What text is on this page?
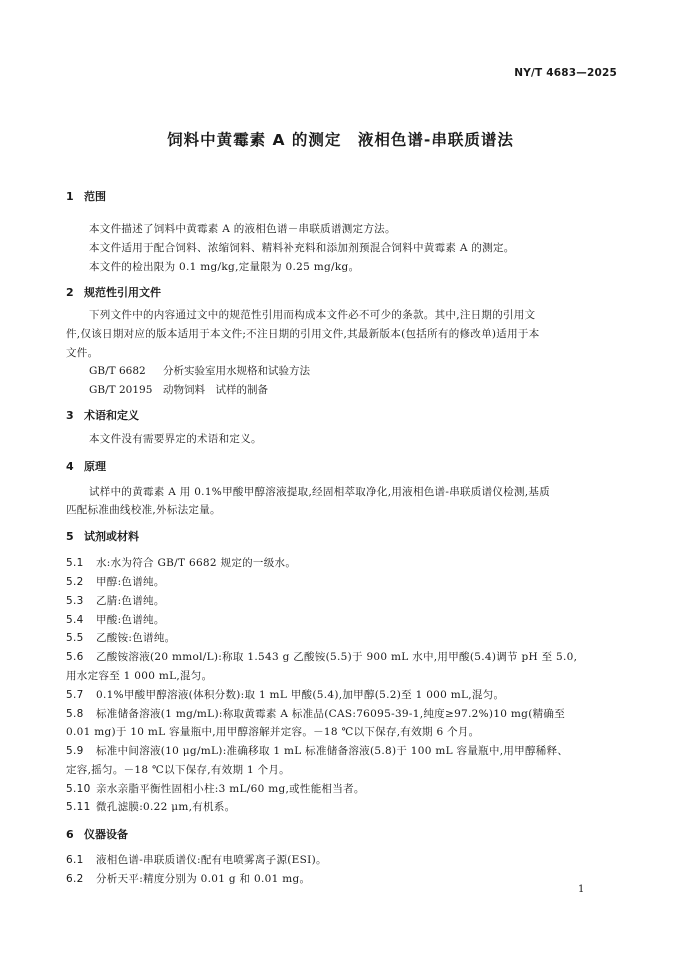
NY/T 4683—2025
饲料中黄霉素 A 的测定　液相色谱-串联质谱法
1 范围
本文件描述了饲料中黄霉素 A 的液相色谱－串联质谱测定方法。
本文件适用于配合饲料、浓缩饲料、精料补充料和添加剂预混合饲料中黄霉素 A 的测定。
本文件的检出限为 0.1 mg/kg,定量限为 0.25 mg/kg。
2 规范性引用文件
下列文件中的内容通过文中的规范性引用而构成本文件必不可少的条款。其中,注日期的引用文
件,仅该日期对应的版本适用于本文件;不注日期的引用文件,其最新版本(包括所有的修改单)适用于本
文件。
GB/T 6682 分析实验室用水规格和试验方法
GB/T 20195 动物饲料　试样的制备
3 术语和定义
本文件没有需要界定的术语和定义。
4 原理
试样中的黄霉素 A 用 0.1%甲酸甲醇溶液提取,经固相萃取净化,用液相色谱-串联质谱仪检测,基质
匹配标准曲线校准,外标法定量。
5 试剂或材料
5.1 水:水为符合 GB/T 6682 规定的一级水。
5.2 甲醇:色谱纯。
5.3 乙腈:色谱纯。
5.4 甲酸:色谱纯。
5.5 乙酸铵:色谱纯。
5.6 乙酸铵溶液(20 mmol/L):称取 1.543 g 乙酸铵(5.5)于 900 mL 水中,用甲酸(5.4)调节 pH 至 5.0,
用水定容至 1 000 mL,混匀。
5.7 0.1%甲酸甲醇溶液(体积分数):取 1 mL 甲酸(5.4),加甲醇(5.2)至 1 000 mL,混匀。
5.8 标准储备溶液(1 mg/mL):称取黄霉素 A 标准品(CAS:76095-39-1,纯度≥97.2%)10 mg(精确至
0.01 mg)于 10 mL 容量瓶中,用甲醇溶解并定容。－18 ℃以下保存,有效期 6 个月。
5.9 标准中间溶液(10 μg/mL):准确移取 1 mL 标准储备溶液(5.8)于 100 mL 容量瓶中,用甲醇稀释、
定容,摇匀。－18 ℃以下保存,有效期 1 个月。
5.10 亲水亲脂平衡性固相小柱:3 mL/60 mg,或性能相当者。
5.11 微孔滤膜:0.22 μm,有机系。
6 仪器设备
6.1 液相色谱-串联质谱仪:配有电喷雾离子源(ESI)。
6.2 分析天平:精度分别为 0.01 g 和 0.01 mg。
1
